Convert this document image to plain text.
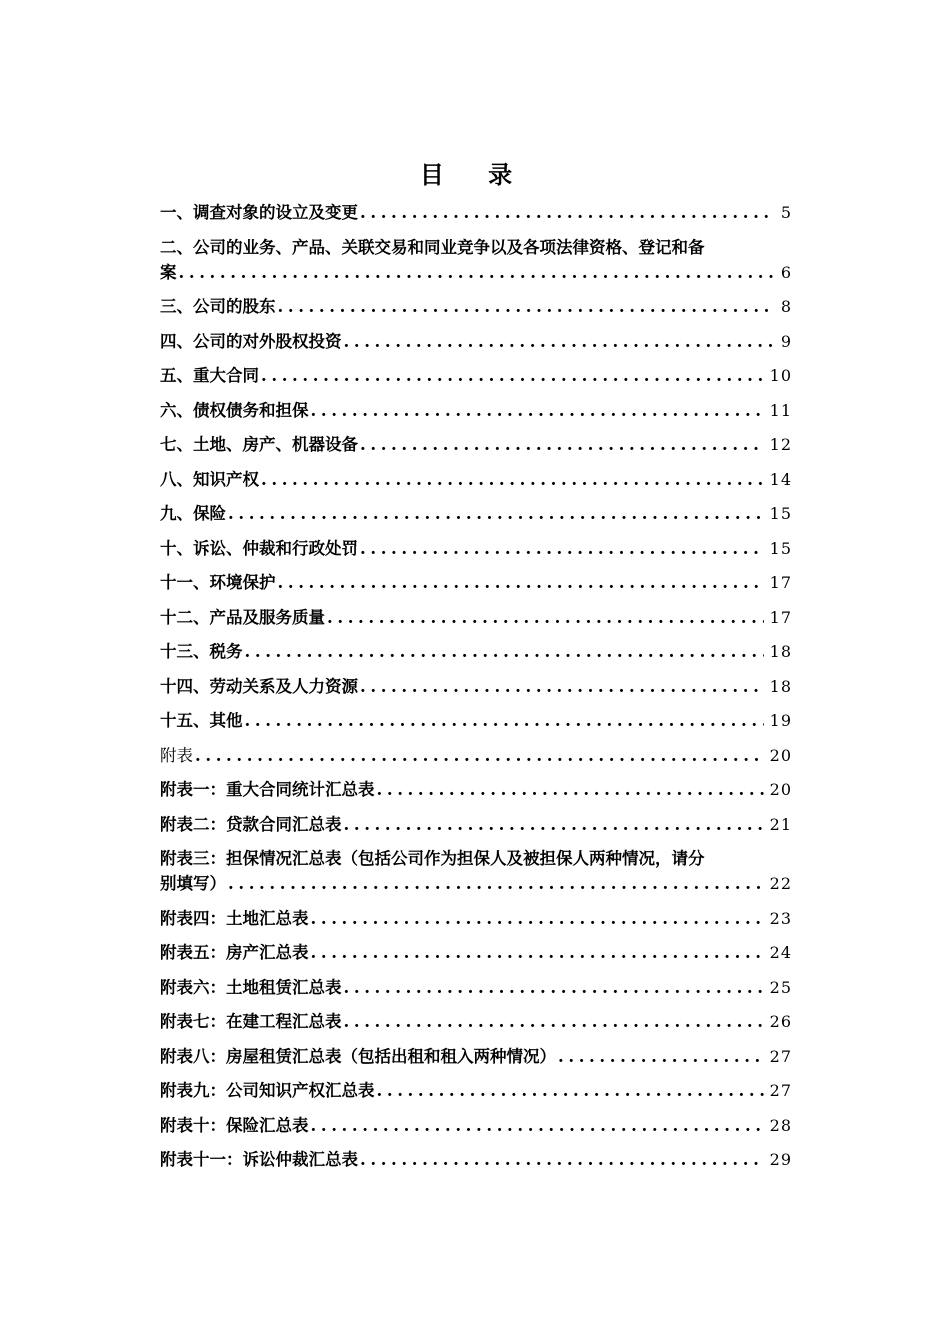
目 录
一、调查对象的设立及变更 .....	5
二、公司的业务、产品、关联交易和同业竞争以及各项法律资格、登记和备
案 .....	6
三、公司的股东 .....	8
四、公司的对外股权投资 .....	9
五、重大合同 .....	10
六、债权债务和担保 .....	11
七、土地、房产、机器设备 .....	12
八、知识产权 .....	14
九、保险 .....	15
十、诉讼、仲裁和行政处罚 .....	15
十一、环境保护 .....	17
十二、产品及服务质量 .....	17
十三、税务 .....	18
十四、劳动关系及人力资源 .....	18
十五、其他 .....	19
附表 .....	20
附表一：重大合同统计汇总表 .....	20
附表二：贷款合同汇总表 .....	21
附表三：担保情况汇总表（包括公司作为担保人及被担保人两种情况，请分
别填写） .....	22
附表四：土地汇总表 .....	23
附表五：房产汇总表 .....	24
附表六：土地租赁汇总表 .....	25
附表七：在建工程汇总表 .....	26
附表八：房屋租赁汇总表（包括出租和租入两种情况） .....	27
附表九：公司知识产权汇总表 .....	27
附表十：保险汇总表 .....	28
附表十一：诉讼仲裁汇总表 .....	29
